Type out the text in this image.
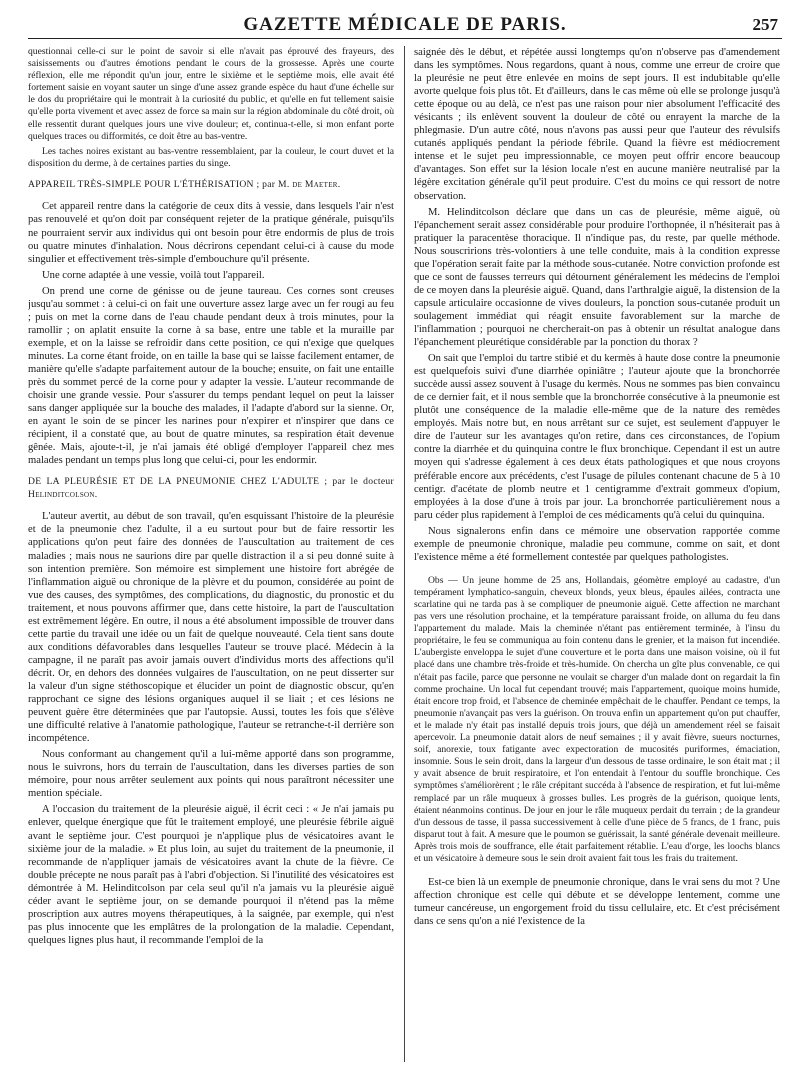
GAZETTE MÉDICALE DE PARIS.	257

questionnai celle-ci sur le point de savoir si elle n'avait pas éprouvé des frayeurs, des saisissements ou d'autres émotions pendant le cours de la grossesse. Après une courte réflexion, elle me répondit qu'un jour, entre le sixième et le septième mois, elle avait été fortement saisie en voyant sauter un singe d'une assez grande espèce du haut d'une échelle sur le dos du propriétaire qui le montrait à la curiosité du public, et qu'elle en fut tellement saisie qu'elle porta vivement et avec assez de force sa main sur la région abdominale du côté droit, où elle ressentit durant quelques jours une vive douleur; et, continua-t-elle, si mon enfant porte quelques traces ou difformités, ce doit être au bas-ventre.

Les taches noires existant au bas-ventre ressemblaient, par la couleur, le court duvet et la disposition du derme, à de certaines parties du singe.

APPAREIL TRÈS-SIMPLE POUR L'ÉTHÉRISATION ; par M. de Maeter.

Cet appareil rentre dans la catégorie de ceux dits à vessie, dans lesquels l'air n'est pas renouvelé et qu'on doit par conséquent rejeter de la pratique générale, puisqu'ils ne pourraient servir aux individus qui ont besoin pour être endormis de plus de trois ou quatre minutes d'inhalation. Nous décrirons cependant celui-ci à cause du mode singulier et effectivement très-simple d'embouchure qu'il présente.

Une corne adaptée à une vessie, voilà tout l'appareil.

On prend une corne de génisse ou de jeune taureau. Ces cornes sont creuses jusqu'au sommet : à celui-ci on fait une ouverture assez large avec un fer rougi au feu ; puis on met la corne dans de l'eau chaude pendant deux à trois minutes, pour la ramollir ; on aplatit ensuite la corne à sa base, entre une table et la muraille par exemple, et on la laisse se refroidir dans cette position, ce qui n'exige que quelques minutes. La corne étant froide, on en taille la base qui se laisse facilement entamer, de manière qu'elle s'adapte parfaitement autour de la bouche; ensuite, on fait une entaille près du sommet percé de la corne pour y adapter la vessie. L'auteur recommande de choisir une grande vessie. Pour s'assurer du temps pendant lequel on peut la laisser sans danger appliquée sur la bouche des malades, il l'adapte d'abord sur la sienne. Or, en ayant le soin de se pincer les narines pour n'expirer et n'inspirer que dans ce récipient, il a constaté que, au bout de quatre minutes, sa respiration était devenue gênée. Mais, ajoute-t-il, je n'ai jamais été obligé d'employer l'appareil chez mes malades pendant un temps plus long que celui-ci, pour les endormir.

DE LA PLEURÉSIE ET DE LA PNEUMONIE CHEZ L'ADULTE ; par le docteur Helinditcolson.

L'auteur avertit, au début de son travail, qu'en esquissant l'histoire de la pleurésie et de la pneumonie chez l'adulte, il a eu surtout pour but de faire ressortir les applications qu'on peut faire des données de l'auscultation au traitement de ces maladies ; mais nous ne saurions dire par quelle distraction il a si peu donné suite à son intention première. Son mémoire est simplement une histoire fort abrégée de l'inflammation aiguë ou chronique de la plèvre et du poumon, considérée au point de vue des causes, des symptômes, des complications, du diagnostic, du pronostic et du traitement, et nous pouvons affirmer que, dans cette histoire, la part de l'auscultation est extrêmement légère. En outre, il nous a été absolument impossible de trouver dans cette partie du travail une idée ou un fait de quelque nouveauté. Cela tient sans doute aux conditions défavorables dans lesquelles l'auteur se trouve placé. Médecin à la campagne, il ne paraît pas avoir jamais ouvert d'individus morts des affections qu'il décrit. Or, en dehors des données vulgaires de l'auscultation, on ne peut disserter sur la valeur d'un signe stéthoscopique et élucider un point de diagnostic obscur, qu'en rapprochant ce signe des lésions organiques auquel il se liait ; et ces lésions ne peuvent guère être déterminées que par l'autopsie. Aussi, toutes les fois que s'élève une difficulté relative à l'anatomie pathologique, l'auteur se retranche-t-il derrière son incompétence.

Nous conformant au changement qu'il a lui-même apporté dans son programme, nous le suivrons, hors du terrain de l'auscultation, dans les diverses parties de son mémoire, pour nous arrêter seulement aux points qui nous paraîtront nécessiter une mention spéciale.

A l'occasion du traitement de la pleurésie aiguë, il écrit ceci : « Je n'ai jamais pu enlever, quelque énergique que fût le traitement employé, une pleurésie fébrile aiguë avant le septième jour. C'est pourquoi je n'applique plus de vésicatoires avant le sixième jour de la maladie. » Et plus loin, au sujet du traitement de la pneumonie, il recommande de n'appliquer jamais de vésicatoires avant la chute de la fièvre. Ce double précepte ne nous paraît pas à l'abri d'objection. Si l'inutilité des vésicatoires est démontrée à M. Helinditcolson par cela seul qu'il n'a jamais vu la pleurésie aiguë céder avant le septième jour, on se demande pourquoi il n'étend pas la même proscription aux autres moyens thérapeutiques, à la saignée, par exemple, qui n'est pas plus innocente que les emplâtres de la prolongation de la maladie. Cependant, quelques lignes plus haut, il recommande l'emploi de la

saignée dès le début, et répétée aussi longtemps qu'on n'observe pas d'amendement dans les symptômes. Nous regardons, quant à nous, comme une erreur de croire que la pleurésie ne peut être enlevée en moins de sept jours. Il est indubitable qu'elle avorte quelque fois plus tôt. Et d'ailleurs, dans le cas même où elle se prolonge jusqu'à cette époque ou au delà, ce n'est pas une raison pour nier absolument l'efficacité des vésicants ; ils enlèvent souvent la douleur de côté ou enrayent la marche de la phlegmasie. D'un autre côté, nous n'avons pas aussi peur que l'auteur des révulsifs cutanés appliqués pendant la période fébrile. Quand la fièvre est médiocrement intense et le sujet peu impressionnable, ce moyen peut offrir encore beaucoup d'avantages. Son effet sur la lésion locale n'est en aucune manière neutralisé par la légère excitation générale qu'il peut produire. C'est du moins ce qui ressort de notre observation.

M. Helinditcolson déclare que dans un cas de pleurésie, même aiguë, où l'épanchement serait assez considérable pour produire l'orthopnée, il n'hésiterait pas à pratiquer la paracentèse thoracique. Il n'indique pas, du reste, par quelle méthode. Nous souscririons très-volontiers à une telle conduite, mais à la condition expresse que l'opération serait faite par la méthode sous-cutanée. Notre conviction profonde est que ce sont de fausses terreurs qui détournent généralement les médecins de l'emploi de ce moyen dans la pleurésie aiguë. Quand, dans l'arthralgie aiguë, la distension de la capsule articulaire occasionne de vives douleurs, la ponction sous-cutanée produit un soulagement immédiat qui réagit ensuite favorablement sur la marche de l'inflammation ; pourquoi ne chercherait-on pas à obtenir un résultat analogue dans l'épanchement pleurétique considérable par la ponction du thorax ?

On sait que l'emploi du tartre stibié et du kermès à haute dose contre la pneumonie est quelquefois suivi d'une diarrhée opiniâtre ; l'auteur ajoute que la bronchorrée succède aussi assez souvent à l'usage du kermès. Nous ne sommes pas bien convaincu de ce dernier fait, et il nous semble que la bronchorrée consécutive à la pneumonie est plutôt une conséquence de la maladie elle-même que de la nature des remèdes employés. Mais notre but, en nous arrêtant sur ce sujet, est seulement d'appuyer le dire de l'auteur sur les avantages qu'on retire, dans ces circonstances, de l'opium contre la diarrhée et du quinquina contre le flux bronchique. Cependant il est un autre moyen qui s'adresse également à ces deux états pathologiques et que nous croyons préférable encore aux précédents, c'est l'usage de pilules contenant chacune de 5 à 10 centigr. d'acétate de plomb neutre et 1 centigramme d'extrait gommeux d'opium, employées à la dose d'une à trois par jour. La bronchorrée particulièrement nous a paru céder plus rapidement à l'emploi de ces médicaments qu'à celui du quinquina.

Nous signalerons enfin dans ce mémoire une observation rapportée comme exemple de pneumonie chronique, maladie peu commune, comme on sait, et dont l'existence même a été formellement contestée par quelques pathologistes.

Obs — Un jeune homme de 25 ans, Hollandais, géomètre employé au cadastre, d'un tempérament lymphatico-sanguin, cheveux blonds, yeux bleus, épaules ailées, contracta une scarlatine qui ne tarda pas à se compliquer de pneumonie aiguë. Cette affection ne marchant pas vers une résolution prochaine, et la température paraissant froide, on alluma du feu dans l'appartement du malade. Mais la cheminée n'étant pas entièrement terminée, à l'insu du propriétaire, le feu se communiqua au foin contenu dans le grenier, et la maison fut incendiée. L'aubergiste enveloppa le sujet d'une couverture et le porta dans une maison voisine, où il fut placé dans une chambre très-froide et très-humide. On chercha un gîte plus convenable, ce qui n'était pas facile, parce que personne ne voulait se charger d'un malade dont on regardait la fin comme prochaine. Un local fut cependant trouvé; mais l'appartement, quoique moins humide, était encore trop froid, et l'absence de cheminée empêchait de le chauffer. Pendant ce temps, la pneumonie n'avançait pas vers la guérison. On trouva enfin un appartement qu'on put chauffer, et le malade n'y était pas installé depuis trois jours, que déjà un amendement réel se faisait apercevoir. La pneumonie datait alors de neuf semaines ; il y avait fièvre, sueurs nocturnes, soif, anorexie, toux fatigante avec expectoration de mucosités puriformes, émaciation, insomnie. Sous le sein droit, dans la largeur d'un dessous de tasse ordinaire, le son était mat ; il y avait absence de bruit respiratoire, et l'on entendait à l'entour du souffle bronchique. Ces symptômes s'améliorèrent ; le râle crépitant succéda à l'absence de respiration, et fut lui-même remplacé par un râle muqueux à grosses bulles. Les progrès de la guérison, quoique lents, étaient néanmoins continus. De jour en jour le râle muqueux perdait du terrain ; de la grandeur d'un dessous de tasse, il passa successivement à celle d'une pièce de 5 francs, de 1 franc, puis disparut tout à fait. A mesure que le poumon se guérissait, la santé générale devenait meilleure. Après trois mois de souffrance, elle était parfaitement rétablie. L'eau d'orge, les loochs blancs et un vésicatoire à demeure sous le sein droit avaient fait tous les frais du traitement.

Est-ce bien là un exemple de pneumonie chronique, dans le vrai sens du mot ? Une affection chronique est celle qui débute et se développe lentement, comme une tumeur cancéreuse, un engorgement froid du tissu cellulaire, etc. Et c'est précisément dans ce sens qu'on a nié l'existence de la
